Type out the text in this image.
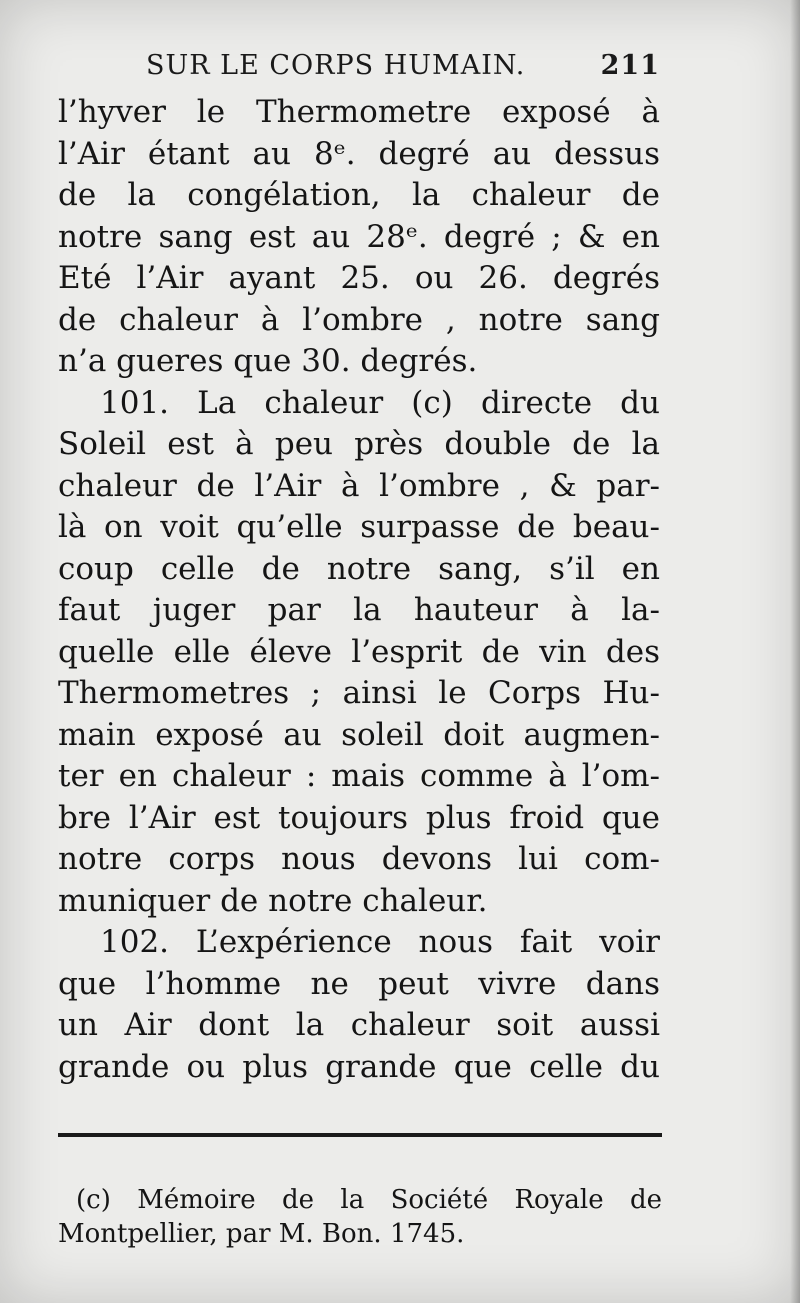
SUR LE CORPS HUMAIN.	211
l’hyver le Thermometre exposé à
l’Air étant au 8ᵉ. degré au dessus
de la congélation, la chaleur de
notre sang est au 28ᵉ. degré ; & en
Eté l’Air ayant 25. ou 26. degrés
de chaleur à l’ombre , notre sang
n’a gueres que 30. degrés.
101. La chaleur (c) directe du
Soleil est à peu près double de la
chaleur de l’Air à l’ombre , & par-
là on voit qu’elle surpasse de beau-
coup celle de notre sang, s’il en
faut juger par la hauteur à la-
quelle elle éleve l’esprit de vin des
Thermometres ; ainsi le Corps Hu-
main exposé au soleil doit augmen-
ter en chaleur : mais comme à l’om-
bre l’Air est toujours plus froid que
notre corps nous devons lui com-
muniquer de notre chaleur.
102. L’expérience nous fait voir
que l’homme ne peut vivre dans
un Air dont la chaleur soit aussi
grande ou plus grande que celle du
(c) Mémoire de la Société Royale de
Montpellier, par M. Bon. 1745.
